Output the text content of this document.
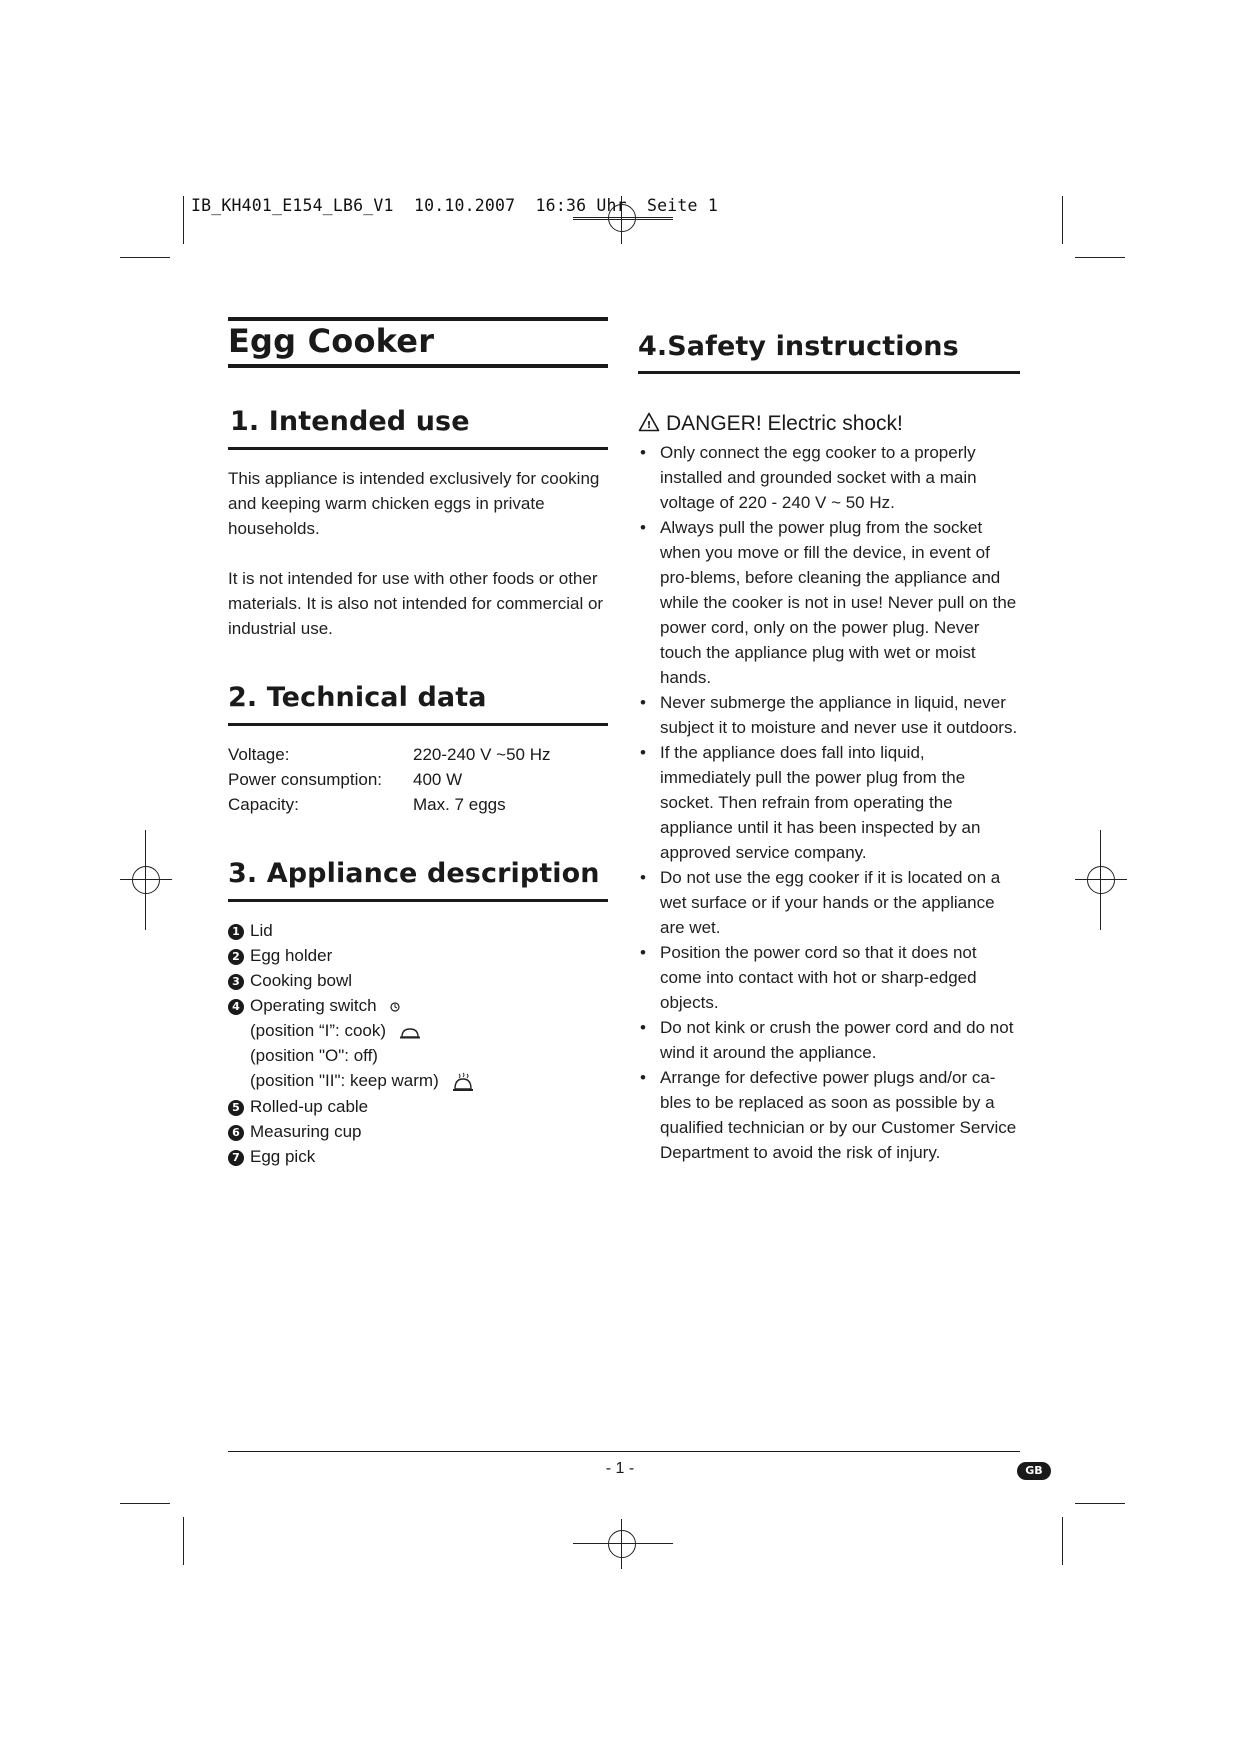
IB_KH401_E154_LB6_V1  10.10.2007  16:36 Uhr  Seite 1
Egg Cooker
1. Intended use

This appliance is intended exclusively for cooking and keeping warm chicken eggs in private households.

It is not intended for use with other foods or other materials. It is also not intended for commercial or industrial use.

2. Technical data
Voltage:	220-240 V ~50 Hz
Power consumption: 400 W
Capacity:	Max. 7 eggs
3. Appliance description
1 Lid
2 Egg holder
3 Cooking bowl
4 Operating switch
(position “I”: cook)
(position "O": off)
(position "II": keep warm)
5 Rolled-up cable
6 Measuring cup
7 Egg pick
4.Safety instructions
! DANGER! Electric shock!
• Only connect the egg cooker to a properly installed and grounded socket with a main voltage of 220 - 240 V ~ 50 Hz.
• Always pull the power plug from the socket when you move or fill the device, in event of pro-blems, before cleaning the appliance and while the cooker is not in use! Never pull on the power cord, only on the power plug. Never touch the appliance plug with wet or moist hands.
• Never submerge the appliance in liquid, never subject it to moisture and never use it outdoors.
• If the appliance does fall into liquid, immediately pull the power plug from the socket. Then refrain from operating the appliance until it has been inspected by an approved service company.
• Do not use the egg cooker if it is located on a wet surface or if your hands or the appliance are wet.
• Position the power cord so that it does not come into contact with hot or sharp-edged objects.
• Do not kink or crush the power cord and do not wind it around the appliance.
• Arrange for defective power plugs and/or ca-bles to be replaced as soon as possible by a qualified technician or by our Customer Service Department to avoid the risk of injury.
- 1 -	GB
